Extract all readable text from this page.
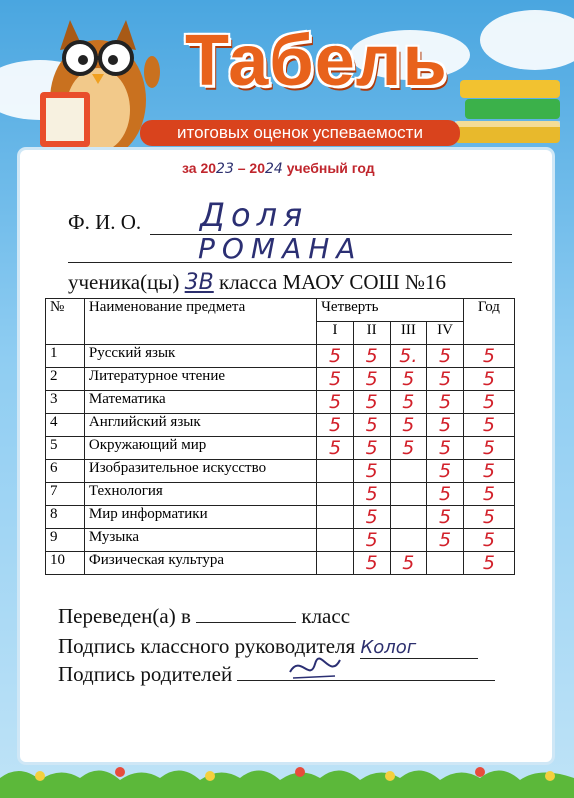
Табель
итоговых оценок успеваемости
за 2023 – 2024 учебный год
Ф. И. О. Доля
РОМАНА
ученика(цы) 3В класса МАОУ СОШ №16
№	Наименование предмета	Четверть				Год
		I	II	III	IV	
1	Русский язык	5	5	5.	5	5
2	Литературное чтение	5	5	5	5	5
3	Математика	5	5	5	5	5
4	Английский язык	5	5	5	5	5
5	Окружающий мир	5	5	5	5	5
6	Изобразительное искусство		5		5	5
7	Технология		5		5	5
8	Мир информатики		5		5	5
9	Музыка		5		5	5
10	Физическая культура		5	5		5
Переведен(а) в	класс
Подпись классного руководителя Колог
Подпись родителей
